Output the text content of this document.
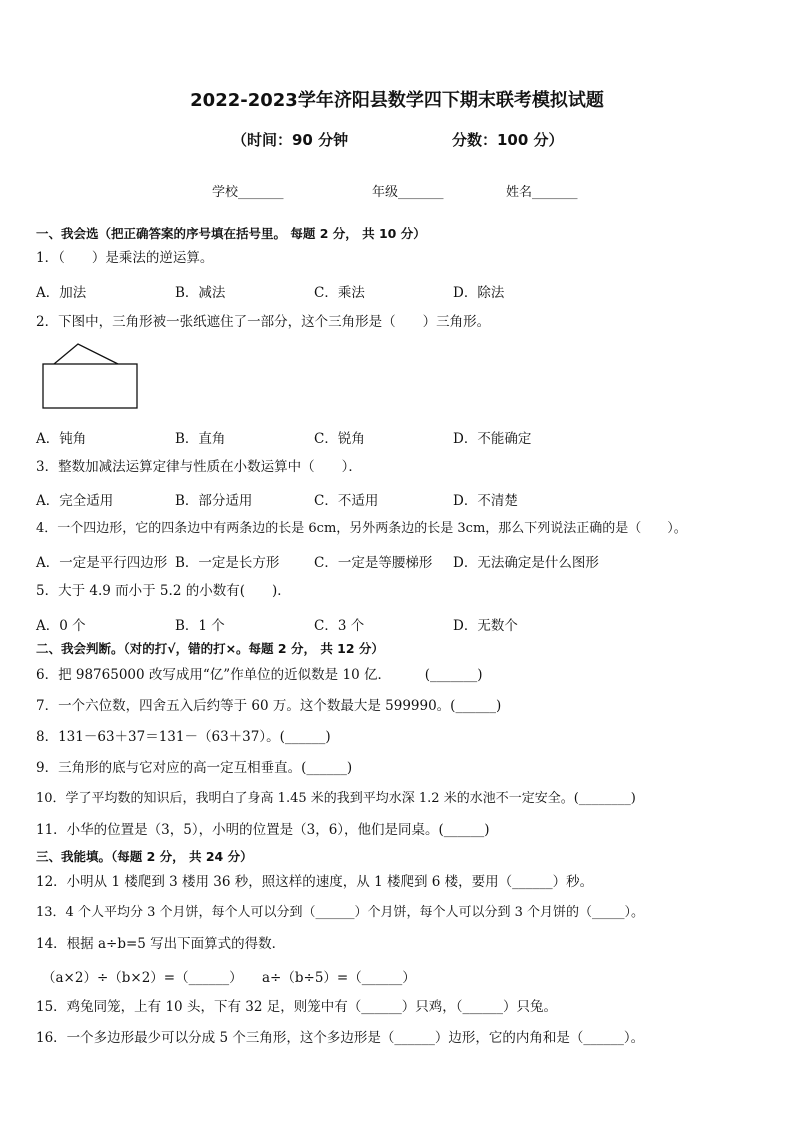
2022-2023学年济阳县数学四下期末联考模拟试题
（时间：90 分钟	分数：100 分）
学校_______	年级_______	姓名_______
一、我会选（把正确答案的序号填在括号里。 每题 2 分， 共 10 分）
1．（　　）是乘法的逆运算。
A．加法	B．减法	C．乘法	D．除法
2．下图中，三角形被一张纸遮住了一部分，这个三角形是（　　）三角形。
A．钝角	B．直角	C．锐角	D．不能确定
3．整数加减法运算定律与性质在小数运算中（　　）．
A．完全适用	B．部分适用	C．不适用	D．不清楚
4．一个四边形，它的四条边中有两条边的长是 6cm，另外两条边的长是 3cm，那么下列说法正确的是（　　）。
A．一定是平行四边形 B．一定是长方形	C．一定是等腰梯形 D．无法确定是什么图形
5．大于 4.9 而小于 5.2 的小数有(　　)．
A．0 个	B．1 个	C．3 个	D．无数个
二、我会判断。（对的打√，错的打×。每题 2 分， 共 12 分）
6．把 98765000 改写成用“亿”作单位的近似数是 10 亿．　　　(_______)
7．一个六位数，四舍五入后约等于 60 万。这个数最大是 599990。(______)
8．131－63＋37＝131－（63＋37）。(______)
9．三角形的底与它对应的高一定互相垂直。(______)
10．学了平均数的知识后，我明白了身高 1.45 米的我到平均水深 1.2 米的水池不一定安全。(________)
11．小华的位置是（3，5），小明的位置是（3，6），他们是同桌。(______)
三、我能填。（每题 2 分， 共 24 分）
12．小明从 1 楼爬到 3 楼用 36 秒，照这样的速度，从 1 楼爬到 6 楼，要用（______）秒。
13．4 个人平均分 3 个月饼，每个人可以分到（______）个月饼，每个人可以分到 3 个月饼的（_____）。
14．根据 a÷b=5 写出下面算式的得数．
（a×2）÷（b×2）=（______） a÷（b÷5）=（______）
15．鸡兔同笼，上有 10 头，下有 32 足，则笼中有（______）只鸡，（______）只兔。
16．一个多边形最少可以分成 5 个三角形，这个多边形是（______）边形，它的内角和是（______）。
